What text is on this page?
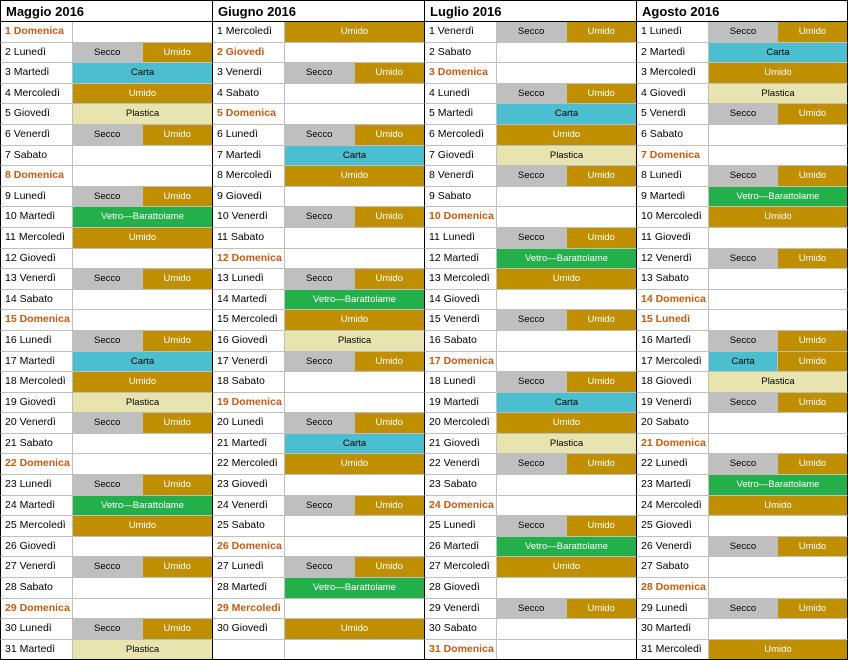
Maggio 2016
1 Domenica
2 Lunedì	Secco	Umido
3 Martedì	Carta
4 Mercoledì	Umido
5 Giovedì	Plastica
6 Venerdì	Secco	Umido
7 Sabato
8 Domenica
9 Lunedì	Secco	Umido
10 Martedì	Vetro—Barattolame
11 Mercoledì	Umido
12 Giovedì
13 Venerdì	Secco	Umido
14 Sabato
15 Domenica
16 Lunedì	Secco	Umido
17 Martedì	Carta
18 Mercoledì	Umido
19 Giovedì	Plastica
20 Venerdì	Secco	Umido
21 Sabato
22 Domenica
23 Lunedì	Secco	Umido
24 Martedì	Vetro—Barattolame
25 Mercoledì	Umido
26 Giovedì
27 Venerdì	Secco	Umido
28 Sabato
29 Domenica
30 Lunedì	Secco	Umido
31 Martedì	Plastica
Giugno 2016
1 Mercoledì	Umido
2 Giovedì
3 Venerdì	Secco	Umido
4 Sabato
5 Domenica
6 Lunedì	Secco	Umido
7 Martedì	Carta
8 Mercoledì	Umido
9 Giovedì
10 Venerdì	Secco	Umido
11 Sabato
12 Domenica
13 Lunedì	Secco	Umido
14 Martedì	Vetro—Barattolame
15 Mercoledì	Umido
16 Giovedì	Plastica
17 Venerdì	Secco	Umido
18 Sabato
19 Domenica
20 Lunedì	Secco	Umido
21 Martedì	Carta
22 Mercoledì	Umido
23 Giovedì
24 Venerdì	Secco	Umido
25 Sabato
26 Domenica
27 Lunedì	Secco	Umido
28 Martedì	Vetro—Barattolame
29 Mercoledì
30 Giovedì	Umido
Luglio 2016
1 Venerdì	Secco	Umido
2 Sabato
3 Domenica
4 Lunedì	Secco	Umido
5 Martedì	Carta
6 Mercoledì	Umido
7 Giovedì	Plastica
8 Venerdì	Secco	Umido
9 Sabato
10 Domenica
11 Lunedì	Secco	Umido
12 Martedì	Vetro—Barattolame
13 Mercoledì	Umido
14 Giovedì
15 Venerdì	Secco	Umido
16 Sabato
17 Domenica
18 Lunedì	Secco	Umido
19 Martedì	Carta
20 Mercoledì	Umido
21 Giovedì	Plastica
22 Venerdì	Secco	Umido
23 Sabato
24 Domenica
25 Lunedì	Secco	Umido
26 Martedì	Vetro—Barattolame
27 Mercoledì	Umido
28 Giovedì
29 Venerdì	Secco	Umido
30 Sabato
31 Domenica
Agosto 2016
1 Lunedì	Secco	Umido
2 Martedì	Carta
3 Mercoledì	Umido
4 Giovedì	Plastica
5 Venerdì	Secco	Umido
6 Sabato
7 Domenica
8 Lunedì	Secco	Umido
9 Martedì	Vetro—Barattolame
10 Mercoledì	Umido
11 Giovedì
12 Venerdì	Secco	Umido
13 Sabato
14 Domenica
15 Lunedì
16 Martedì	Secco	Umido
17 Mercoledì	Carta	Umido
18 Giovedì	Plastica
19 Venerdì	Secco	Umido
20 Sabato
21 Domenica
22 Lunedì	Secco	Umido
23 Martedì	Vetro—Barattolame
24 Mercoledì	Umido
25 Giovedì
26 Venerdì	Secco	Umido
27 Sabato
28 Domenica
29 Lunedì	Secco	Umido
30 Martedì
31 Mercoledì	Umido
